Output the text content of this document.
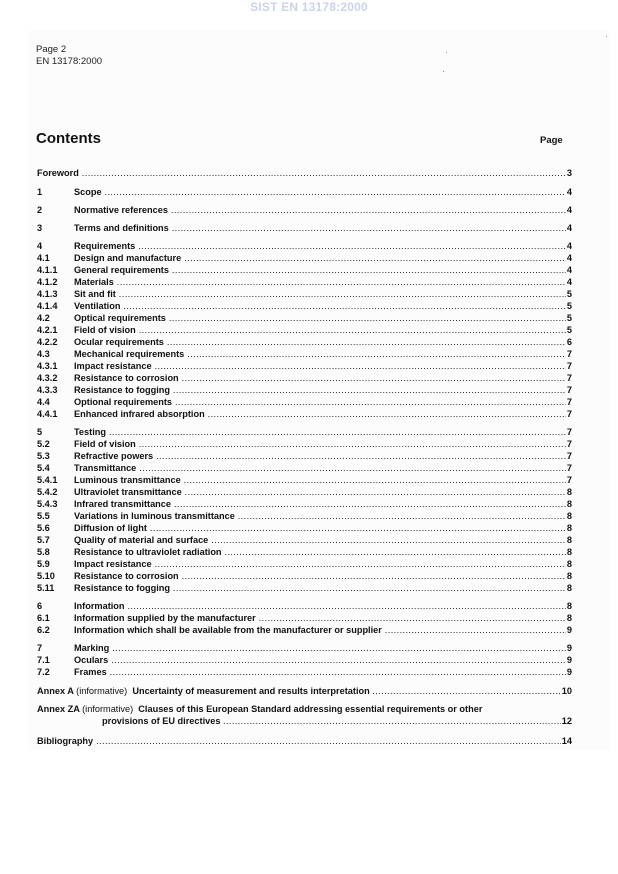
SIST EN 13178:2000
Page 2
EN 13178:2000
Contents	Page
Foreword .....	3
1	Scope .....	4
2	Normative references .....	4
3	Terms and definitions .....	4
4	Requirements .....	4
4.1	Design and manufacture .....	4
4.1.1	General requirements .....	4
4.1.2	Materials .....	4
4.1.3	Sit and fit .....	5
4.1.4	Ventilation .....	5
4.2	Optical requirements .....	5
4.2.1	Field of vision .....	5
4.2.2	Ocular requirements .....	6
4.3	Mechanical requirements .....	7
4.3.1	Impact resistance .....	7
4.3.2	Resistance to corrosion .....	7
4.3.3	Resistance to fogging .....	7
4.4	Optional requirements .....	7
4.4.1	Enhanced infrared absorption .....	7
5	Testing .....	7
5.2	Field of vision .....	7
5.3	Refractive powers .....	7
5.4	Transmittance .....	7
5.4.1	Luminous transmittance .....	7
5.4.2	Ultraviolet transmittance .....	8
5.4.3	Infrared transmittance .....	8
5.5	Variations in luminous transmittance .....	8
5.6	Diffusion of light .....	8
5.7	Quality of material and surface .....	8
5.8	Resistance to ultraviolet radiation .....	8
5.9	Impact resistance .....	8
5.10	Resistance to corrosion .....	8
5.11	Resistance to fogging .....	8
6	Information .....	8
6.1	Information supplied by the manufacturer .....	8
6.2	Information which shall be available from the manufacturer or supplier .....	9
7	Marking .....	9
7.1	Oculars .....	9
7.2	Frames .....	9
Annex A (informative) Uncertainty of measurement and results interpretation .....	10
Annex ZA (informative) Clauses of this European Standard addressing essential requirements or other
provisions of EU directives	12
.....
Bibliography .....	14
